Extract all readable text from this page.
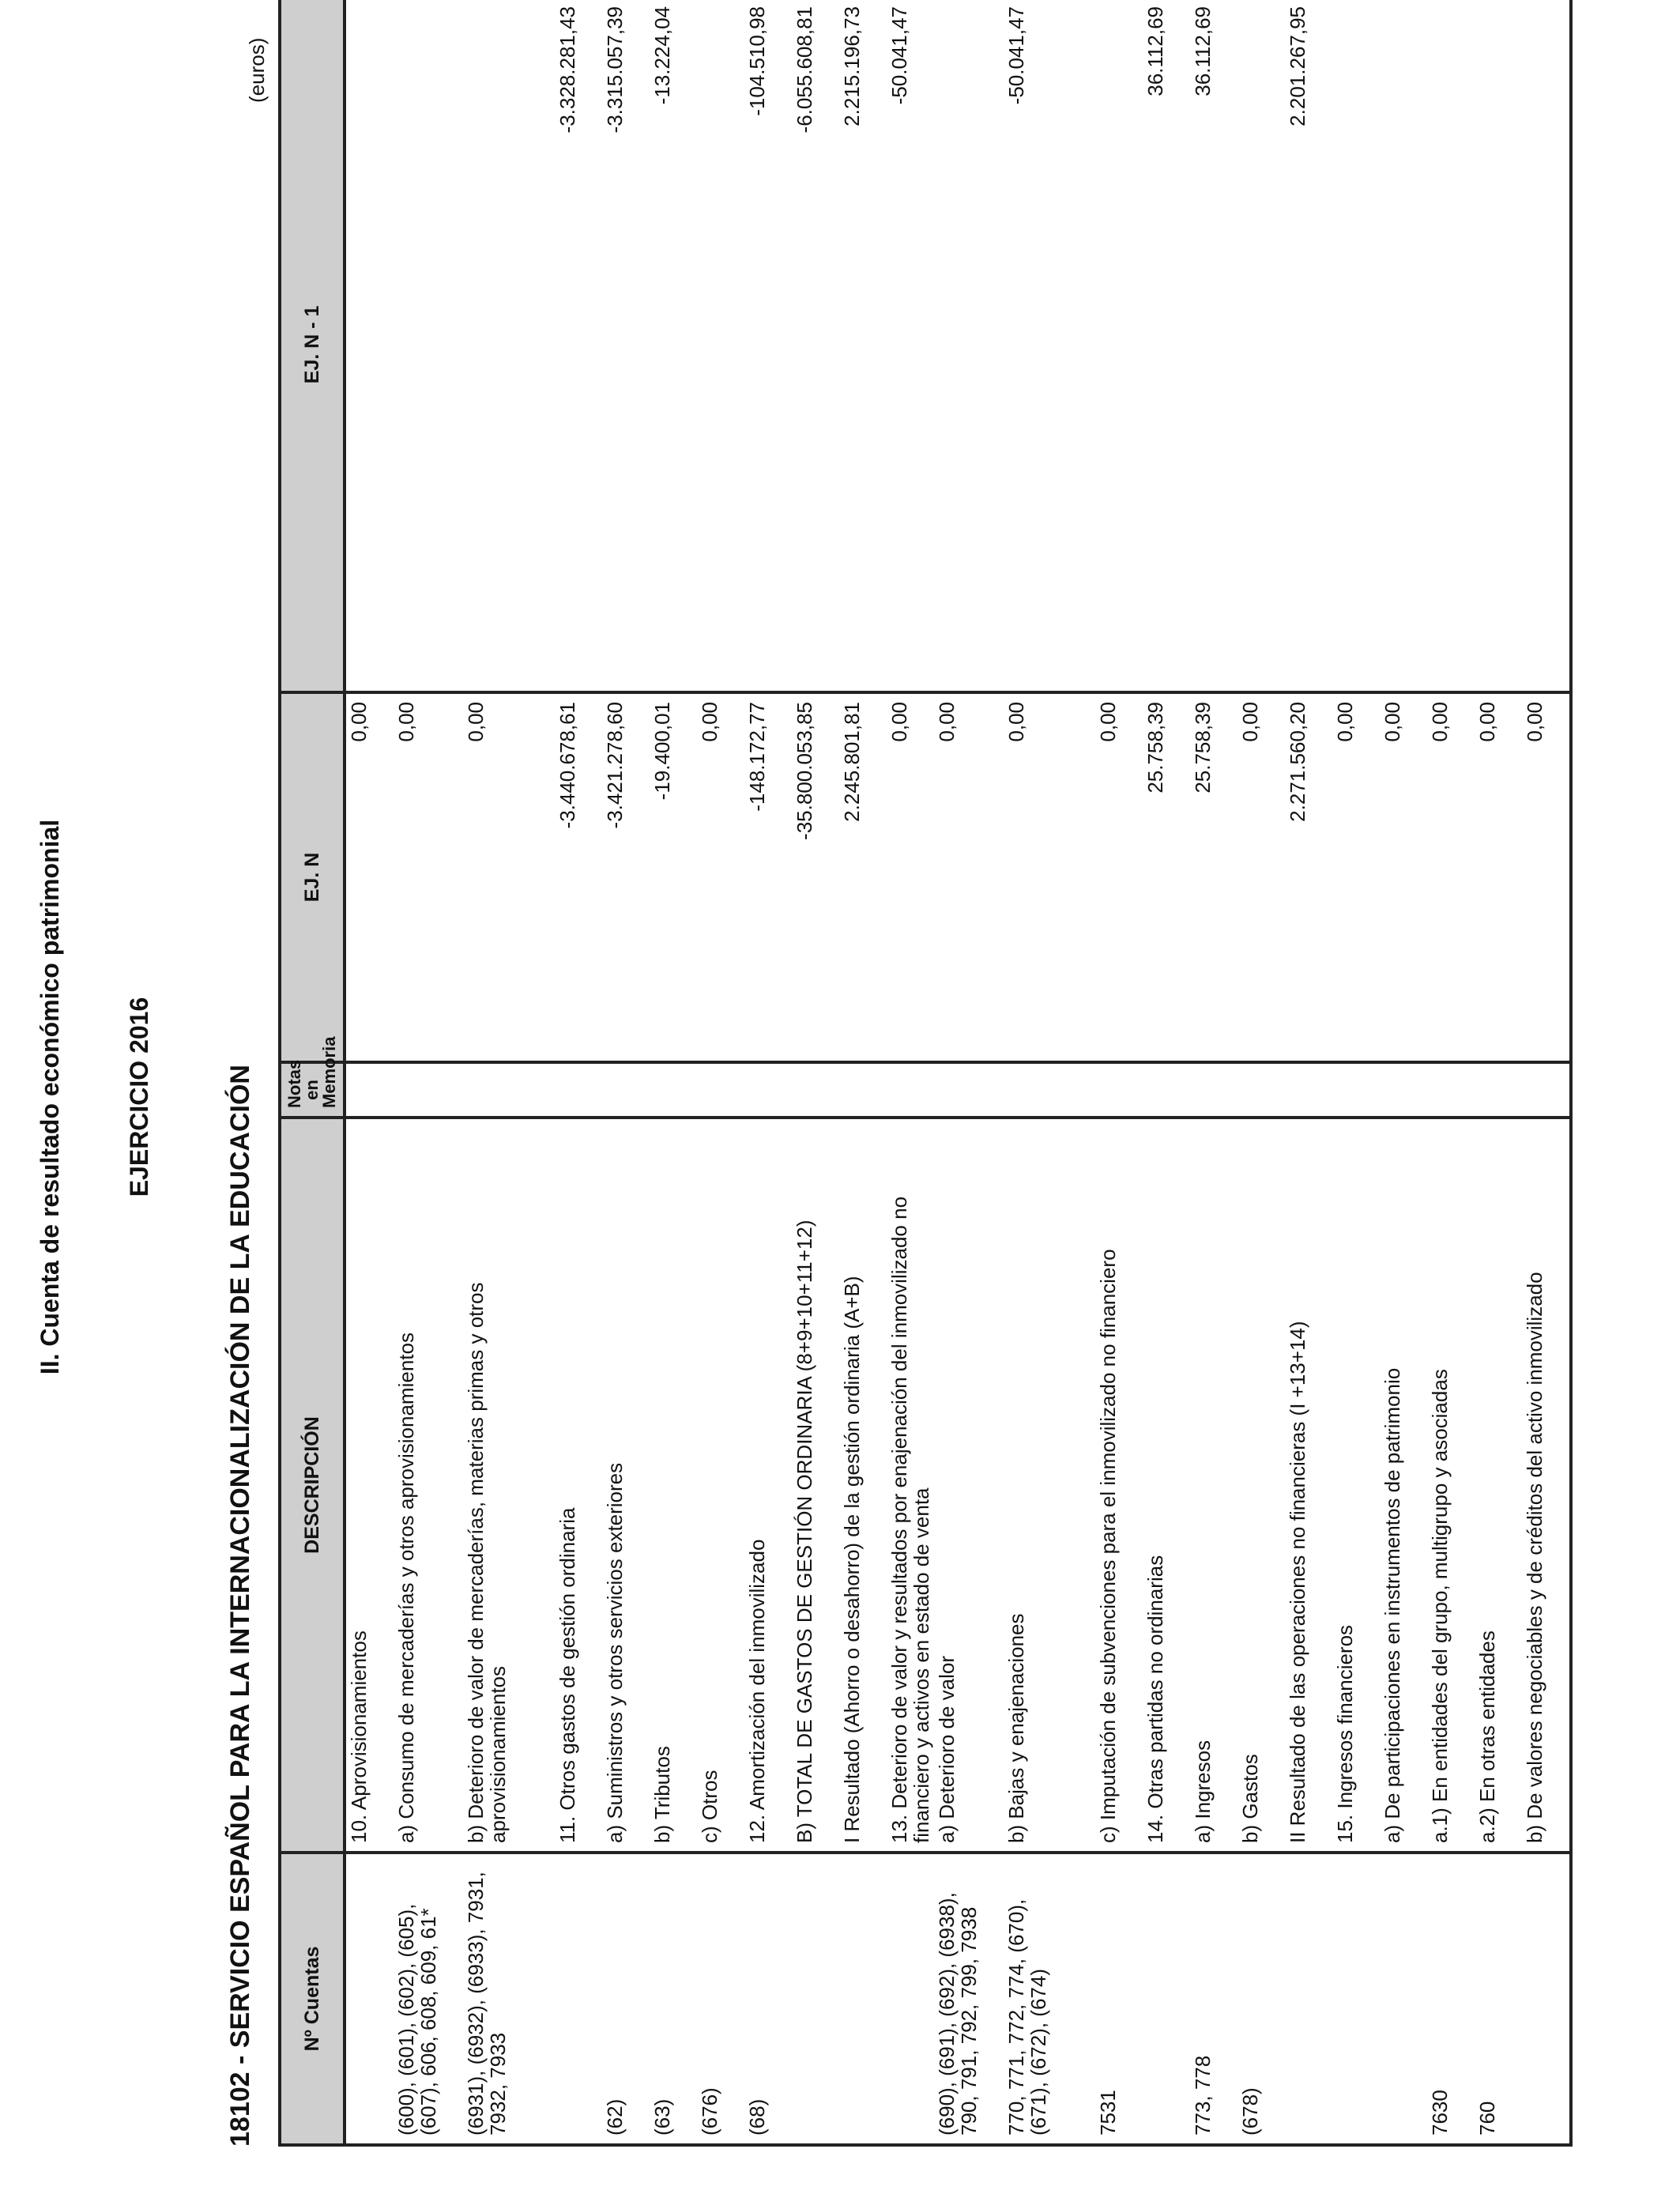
II. Cuenta de resultado económico patrimonial EJERCICIO 2016	18102 - SERVICIO ESPAÑOL PARA LA INTERNACIONALIZACIÓN DE LA EDUCACIÓN
(euros)
Nº Cuentas	DESCRIPCIÓN	Notas en Memoria	EJ. N	EJ. N - 1
	10. Aprovisionamientos		0,00	
(600), (601), (602), (605), (607), 606, 608, 609, 61*	a) Consumo de mercaderías y otros aprovisionamientos		0,00	
(6931), (6932), (6933), 7931, 7932, 7933	b) Deterioro de valor de mercaderías, materias primas y otros aprovisionamientos		0,00	
	11. Otros gastos de gestión ordinaria		-3.440.678,61	-3.328.281,43
(62)	a) Suministros y otros servicios exteriores		-3.421.278,60	-3.315.057,39
(63)	b) Tributos		-19.400,01	-13.224,04
(676)	c) Otros		0,00	
(68)	12. Amortización del inmovilizado		-148.172,77	-104.510,98
	B) TOTAL DE GASTOS DE GESTIÓN ORDINARIA (8+9+10+11+12)		-35.800.053,85	-6.055.608,81
	I Resultado (Ahorro o desahorro) de la gestión ordinaria (A+B)		2.245.801,81	2.215.196,73
	13. Deterioro de valor y resultados por enajenación del inmovilizado no financiero y activos en estado de venta		0,00	-50.041,47
(690), (691), (692), (6938), 790, 791, 792, 799, 7938	a) Deterioro de valor		0,00	
770, 771, 772, 774, (670), (671), (672), (674)	b) Bajas y enajenaciones		0,00	-50.041,47
7531	c) Imputación de subvenciones para el inmovilizado no financiero		0,00	
	14. Otras partidas no ordinarias		25.758,39	36.112,69
773, 778	a) Ingresos		25.758,39	36.112,69
(678)	b) Gastos		0,00	
	II Resultado de las operaciones no financieras (I +13+14)		2.271.560,20	2.201.267,95
	15. Ingresos financieros		0,00	
	a) De participaciones en instrumentos de patrimonio		0,00	
7630	a.1) En entidades del grupo, multigrupo y asociadas		0,00	
760	a.2) En otras entidades		0,00	
	b) De valores negociables y de créditos del activo inmovilizado		0,00	
